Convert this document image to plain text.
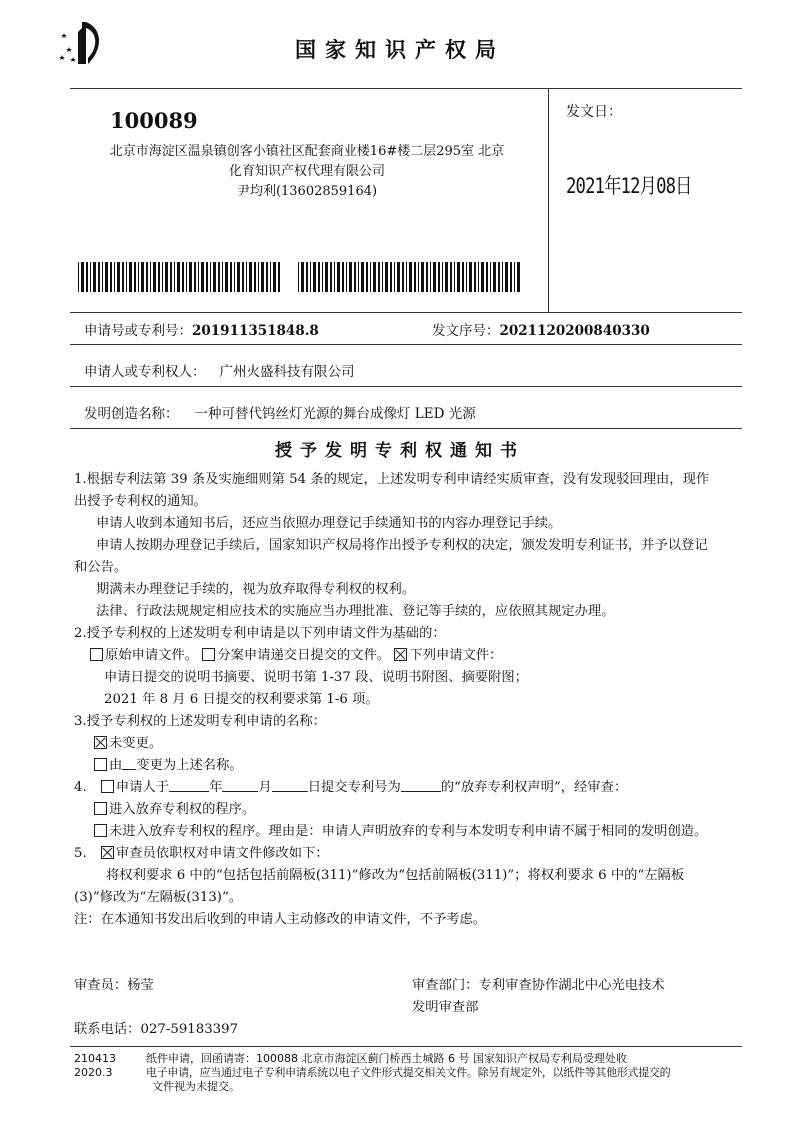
国家知识产权局
100089
北京市海淀区温泉镇创客小镇社区配套商业楼16#楼二层295室 北京
化育知识产权代理有限公司
尹均利(13602859164)
发文日：
2021年12月08日
申请号或专利号：201911351848.8	发文序号：2021120200840330
申请人或专利权人： 广州火盛科技有限公司
发明创造名称： 一种可替代钨丝灯光源的舞台成像灯 LED 光源
授予发明专利权通知书
1.根据专利法第 39 条及实施细则第 54 条的规定，上述发明专利申请经实质审查，没有发现驳回理由，现作
出授予专利权的通知。
申请人收到本通知书后，还应当依照办理登记手续通知书的内容办理登记手续。
申请人按期办理登记手续后，国家知识产权局将作出授予专利权的决定，颁发发明专利证书，并予以登记
和公告。
期满未办理登记手续的，视为放弃取得专利权的权利。
法律、行政法规规定相应技术的实施应当办理批准、登记等手续的，应依照其规定办理。
2.授予专利权的上述发明专利申请是以下列申请文件为基础的：
原始申请文件。 分案申请递交日提交的文件。 下列申请文件：
申请日提交的说明书摘要、说明书第 1-37 段、说明书附图、摘要附图；
2021 年 8 月 6 日提交的权利要求第 1-6 项。
3.授予专利权的上述发明专利申请的名称：
未变更。
由 变更为上述名称。
4. 申请人于	年	月	日提交专利号为	的“放弃专利权声明”，经审查：
进入放弃专利权的程序。
未进入放弃专利权的程序。理由是：申请人声明放弃的专利与本发明专利申请不属于相同的发明创造。
5. 审查员依职权对申请文件修改如下：
将权利要求 6 中的“包括包括前隔板(311)”修改为“包括前隔板(311)”；将权利要求 6 中的“左隔板
(3)”修改为“左隔板(313)”。
注：在本通知书发出后收到的申请人主动修改的申请文件，不予考虑。
审查员：杨莹	审查部门：专利审查协作湖北中心光电技术
发明审查部
联系电话：027-59183397
210413
2020.3
纸件申请，回函请寄：100088 北京市海淀区蓟门桥西土城路 6 号 国家知识产权局专利局受理处收
电子申请，应当通过电子专利申请系统以电子文件形式提交相关文件。除另有规定外，以纸件等其他形式提交的
文件视为未提交。
